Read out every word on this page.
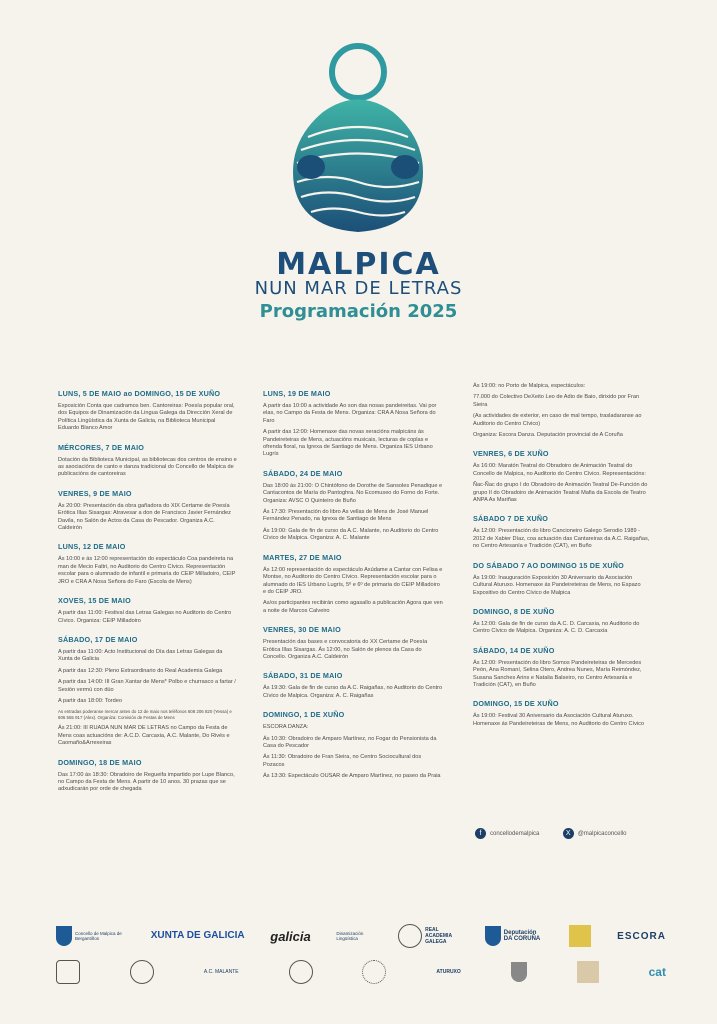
MALPICA
NUN MAR DE LETRAS
Programación 2025
LUNS, 5 DE MAIO ao DOMINGO, 15 DE XUÑO
Exposición Conta que cadramos ben. Cantoreiras: Poesía popular oral, dos Equipos de Dinamización da Lingua Galega da Dirección Xeral de Política Lingüística da Xunta de Galicia, na Biblioteca Municipal Eduardo Blanco Amor
MÉRCORES, 7 DE MAIO
Dotación da Biblioteca Municipal, as bibliotecas dos centros de ensino e as asociacións de canto e danza tradicional do Concello de Malpica de publicacións de cantoreiras
VENRES, 9 DE MAIO
Ás 20:00: Presentación da obra gañadora do XIX Certame de Poesía Erótica Illas Sisargas: Atravesar a don de Francisco Javier Fernández Davila, no Salón de Actos da Casa do Pescador. Organiza A.C. Caldeirón
LUNS, 12 DE MAIO
Ás 10:00 e ás 12:00 representación do espectáculo Coa pandeireta na man de Mecio Faltri, no Auditorio do Centro Cívico. Representación escolar para o alumnado de infantil e primaria do CEIP Milladoiro, CEIP JRO e CRA A Nosa Señora do Faro (Escola de Mens)
XOVES, 15 DE MAIO
A partir das 11:00: Festival das Letras Galegas no Auditorio do Centro Cívico. Organiza: CEIP Milladoiro
SÁBADO, 17 DE MAIO
A partir das 11:00: Acto Institucional do Día das Letras Galegas da Xunta de Galicia
A partir das 12:30: Pleno Extraordinario do Real Academia Galega
A partir das 14:00: III Gran Xantar de Mens* Polbo e churrasco a fartar / Sesión vermú con dúo
A partir das 18:00: Tordeo
As entradas poderanse mercar antes do 12 de maio nos teléfonos 608 206 820 (Yessa) e 606 555 917 (Alex). Organiza: Comisión de Festas de Mens
Ás 21:00: III RUADA NUN MAR DE LETRAS no Campo da Festa de Mens coas actuacións de: A.C.D. Carcaxia, A.C. Malante, Do Rivés e Caomaño&Arrexeiras
DOMINGO, 18 DE MAIO
Das 17:00 ás 18:30: Obradoiro de Regueifa impartido por Lupe Blanco, no Campo da Festa de Mens. A partir de 10 anos. 30 prazas que se adxudicarán por orde de chegada
LUNS, 19 DE MAIO
A partir das 10:00 a actividade Ao son das nosas pandeireitas. Vai por elas, no Campo da Festa de Mens. Organiza: CRA A Nosa Señora do Faro
A partir das 12:00: Homenaxe das novas xeracións malpicáns ás Pandeireteiras de Mens, actuacións musicais, lecturas de coplas e ofrenda floral, na Igrexa de Santiago de Mens. Organiza IES Urbano Lugrís
SÁBADO, 24 DE MAIO
Das 18:00 ás 21:00: O Chintófono de Dorothe de Sansoles Penadique e Cantacontos de María do Pantoghra. No Ecomuseo do Forno do Forte. Organiza: AVSC O Quinteiro de Buño
Ás 17:30: Presentación do libro As vellas de Mens de José Manuel Fernández Penado, na Igrexa de Santiago de Mens
Ás 19:00: Gala de fin de curso da A.C. Malante, no Auditorio do Centro Cívico de Malpica. Organiza: A. C. Malante
MARTES, 27 DE MAIO
Ás 12:00 representación do espectáculo Axúdame a Cantar con Felisa e Montse, no Auditorio do Centro Cívico. Representación escolar para o alumnado do IES Urbano Lugrís, 5º e 6º de primaria do CEIP Milladoiro e do CEIP JRO.
As/os participantes recibirán como agasallo a publicación Agora que ven a noite de Marcos Calveiro
VENRES, 30 DE MAIO
Presentación das bases e convocatoria do XX Certame de Poesía Erótica Illas Sisargas. Ás 12:00, no Salón de plenos da Casa do Concello. Organiza A.C. Caldeirón
SÁBADO, 31 DE MAIO
Ás 19:30: Gala de fin de curso da A.C. Raigañas, no Auditorio do Centro Cívico de Malpica. Organiza: A. C. Raigañas
DOMINGO, 1 DE XUÑO
ESCORA DANZA:
Ás 10:30: Obradoiro de Amparo Martínez, no Fogar do Pensionista da Casa do Pescador
Ás 11:30: Obradoiro de Fran Sieira, no Centro Sociocultural dos Pozacos
Ás 13:30: Espectáculo OUSAR de Amparo Martínez, no paseo da Praia
Ás 19:00: no Porto de Malpica, espectáculos:
77.000 do Colectivo DeXeito Leo de Adio de Baio, dirixido por Fran Sieira
(As actividades de exterior, en caso de mal tempo, trasladaranse ao Auditorio do Centro Cívico)
Organiza: Escora Danza. Deputación provincial de A Coruña
VENRES, 6 DE XUÑO
Ás 16:00: Maratón Teatral do Obradoiro de Animación Teatral do Concello de Malpica, no Auditorio do Centro Cívico. Representacións:
Ñac-Ñac do grupo I do Obradoiro de Animación Teatral De-Función do grupo II do Obradoiro de Animación Teatral Mafia da Escola de Teatro ANPA As Mariñas
SÁBADO 7 DE XUÑO
Ás 12:00: Presentación do libro Cancioneiro Galego Serodio 1989 - 2012 de Xabier Díaz, coa actuación das Cantareiras da A.C. Raigañas, no Centro Artesanía e Tradición (CAT), en Buño
DO SÁBADO 7 AO DOMINGO 15 DE XUÑO
Ás 19:00: Inauguración Exposición 30 Aniversario da Asociación Cultural Aturuxo. Homenaxe ás Pandeireteiras de Mens, no Espazo Expositivo do Centro Cívico de Malpica
DOMINGO, 8 DE XUÑO
Ás 12:00: Gala de fin de curso da A.C. D. Carcaxia, no Auditorio do Centro Cívico de Malpica. Organiza: A. C. D. Carcaxia
SÁBADO, 14 DE XUÑO
Ás 12:00: Presentación do libro Somos Pandeireteiras de Mercedes Peón, Ana Romaní, Selina Otero, Andrea Nunes, María Reimóndez, Susana Sanches Arins e Natalia Balseiro, no Centro Artesanía e Tradición (CAT), en Buño
DOMINGO, 15 DE XUÑO
Ás 19:00: Festival 30 Aniversario da Asociación Cultural Aturuxo. Homenaxe ás Pandeireteiras de Mens, no Auditorio do Centro Cívico
f concellodemalpica	X @malpicaconcello
Concello de Malpica de Bergantiños	XUNTA DE GALICIA galicia	Dinamización Lingüística
REAL ACADEMIA GALEGA
Deputación DA CORUÑA	ESCORA
A.C. MALANTE	ATURUXO	cat
